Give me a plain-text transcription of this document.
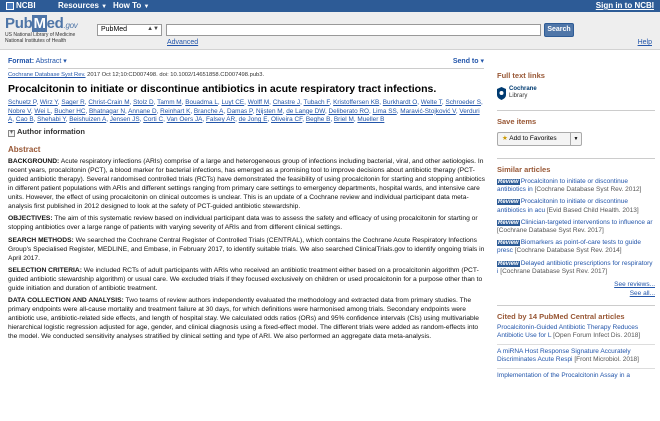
NCBI	Resources ▼ How To ▼	Sign in to NCBI
PubMed.gov
US National Library of Medicine
National Institutes of Health
PubMed	▲▼	Search
Advanced	Help
Format: Abstract ▾	Send to ▾
Cochrane Database Syst Rev. 2017 Oct 12;10:CD007498. doi: 10.1002/14651858.CD007498.pub3.
Procalcitonin to initiate or discontinue antibiotics in acute respiratory tract infections.
Schuetz P, Wirz Y, Sager R, Christ-Crain M, Stolz D, Tamm M, Bouadma L, Luyt CE, Wolff M, Chastre J, Tubach F, Kristoffersen KB, Burkhardt O, Welte T, Schroeder S, Nobre V, Wei L, Bucher HC, Bhatnagar N, Annane D, Reinhart K, Branche A, Damas P, Nijsten M, de Lange DW, Deliberato RO, Lima SS, Maravić-Stojković V, Verduri A, Cao B, Shehabi Y, Beishuizen A, Jensen JS, Corti C, Van Oers JA, Falsey AR, de Jong E, Oliveira CF, Beghe B, Briel M, Mueller B
+ Author information
Abstract
BACKGROUND: Acute respiratory infections (ARIs) comprise of a large and heterogeneous group of infections including bacterial, viral, and other aetiologies. In recent years, procalcitonin (PCT), a blood marker for bacterial infections, has emerged as a promising tool to improve decisions about antibiotic therapy (PCT-guided antibiotic therapy). Several randomised controlled trials (RCTs) have demonstrated the feasibility of using procalcitonin for starting and stopping antibiotics in different patient populations with ARIs and different settings ranging from primary care settings to emergency departments, hospital wards, and intensive care units. However, the effect of using procalcitonin on clinical outcomes is unclear. This is an update of a Cochrane review and individual participant data meta-analysis first published in 2012 designed to look at the safety of PCT-guided antibiotic stewardship.
OBJECTIVES: The aim of this systematic review based on individual participant data was to assess the safety and efficacy of using procalcitonin for starting or stopping antibiotics over a large range of patients with varying severity of ARIs and from different clinical settings.
SEARCH METHODS: We searched the Cochrane Central Register of Controlled Trials (CENTRAL), which contains the Cochrane Acute Respiratory Infections Group's Specialised Register, MEDLINE, and Embase, in February 2017, to identify suitable trials. We also searched ClinicalTrials.gov to identify ongoing trials in April 2017.
SELECTION CRITERIA: We included RCTs of adult participants with ARIs who received an antibiotic treatment either based on a procalcitonin algorithm (PCT-guided antibiotic stewardship algorithm) or usual care. We excluded trials if they focused exclusively on children or used procalcitonin for a purpose other than to guide initiation and duration of antibiotic treatment.
DATA COLLECTION AND ANALYSIS: Two teams of review authors independently evaluated the methodology and extracted data from primary studies. The primary endpoints were all-cause mortality and treatment failure at 30 days, for which definitions were harmonised among trials. Secondary endpoints were antibiotic use, antibiotic-related side effects, and length of hospital stay. We calculated odds ratios (ORs) and 95% confidence intervals (CIs) using multivariable hierarchical logistic regression adjusted for age, gender, and clinical diagnosis using a fixed-effect model. The different trials were added as random-effects into the model. We conducted sensitivity analyses stratified by clinical setting and type of ARI. We also performed an aggregate data meta-analysis.
Full text links
Cochrane
Library
Save items
★ Add to Favorites	▼
Similar articles
Review Procalcitonin to initiate or discontinue antibiotics in [Cochrane Database Syst Rev. 2012]
Review Procalcitonin to initiate or discontinue antibiotics in acu [Evid Based Child Health. 2013]
Review Clinician-targeted interventions to influence ar [Cochrane Database Syst Rev. 2017]
Review Biomarkers as point-of-care tests to guide presc [Cochrane Database Syst Rev. 2014]
Review Delayed antibiotic prescriptions for respiratory i [Cochrane Database Syst Rev. 2017]
See reviews...
See all...
Cited by 14 PubMed Central articles
Procalcitonin-Guided Antibiotic Therapy Reduces Antibiotic Use for L [Open Forum Infect Dis. 2018]
A miRNA Host Response Signature Accurately Discriminates Acute Respi [Front Microbiol. 2018]
Implementation of the Procalcitonin Assay in a
